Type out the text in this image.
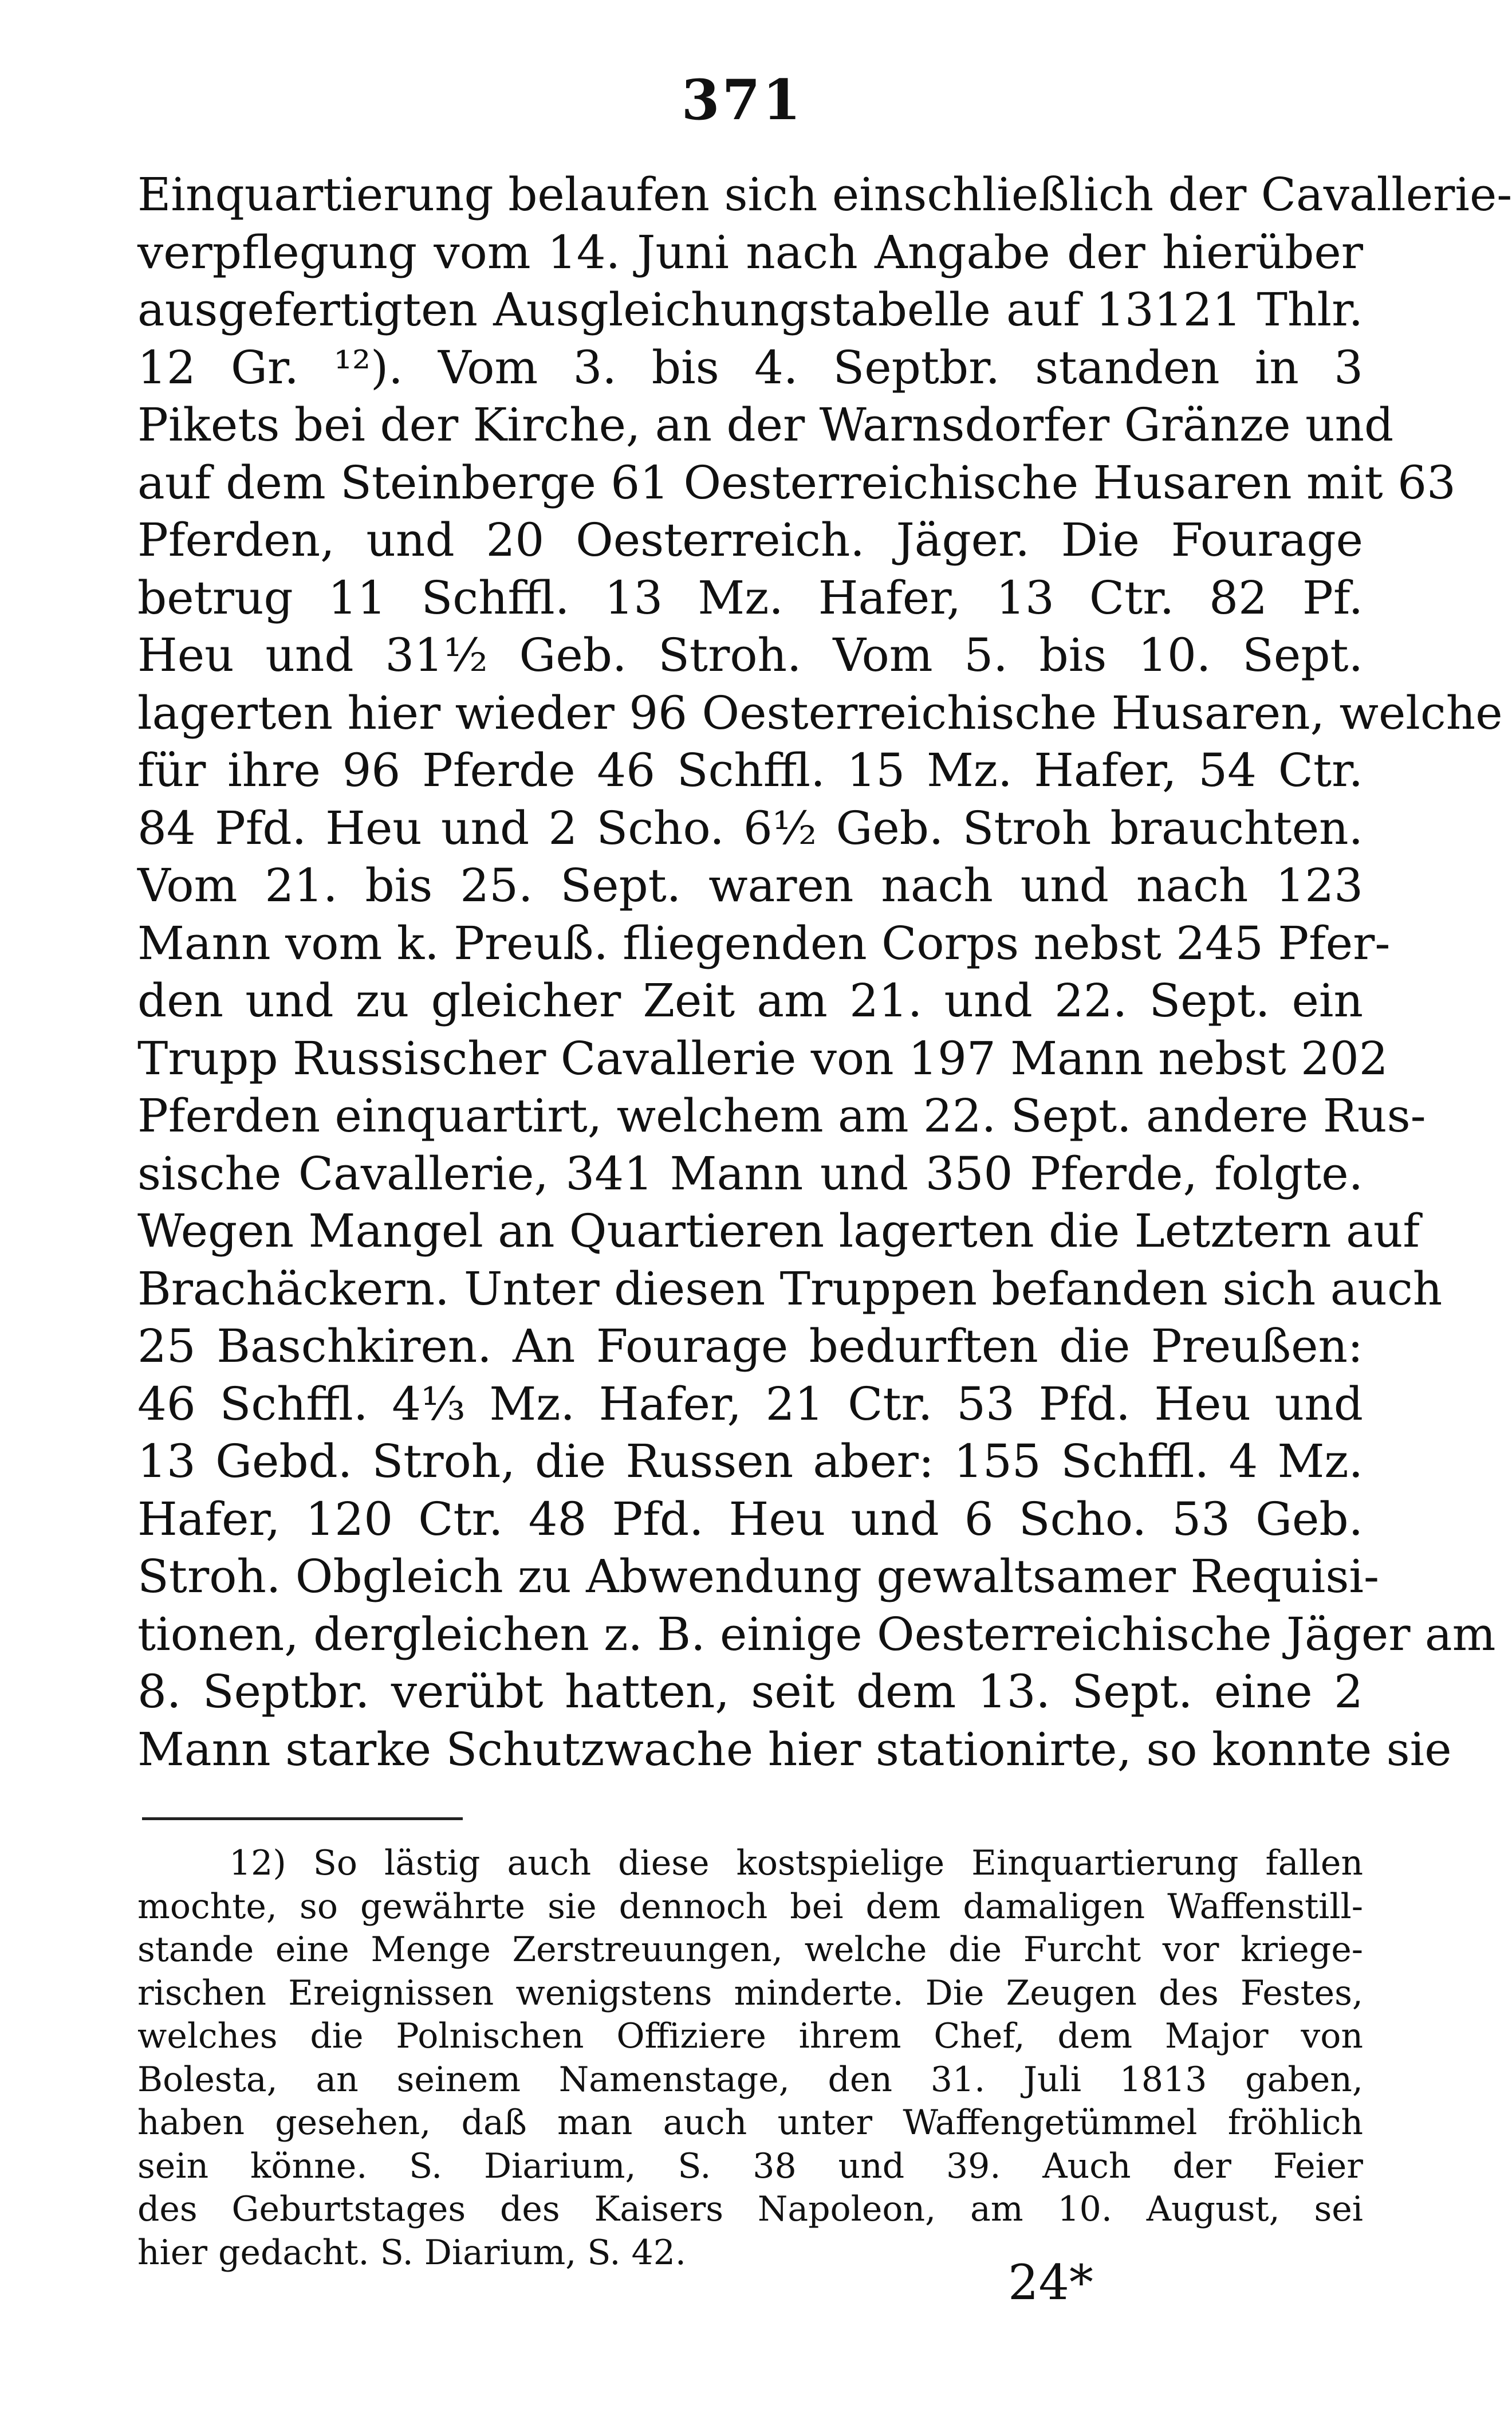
371
Einquartierung belaufen sich einschließlich der Cavallerie-
verpflegung vom 14. Juni nach Angabe der hierüber
ausgefertigten Ausgleichungstabelle auf 13121 Thlr.
12 Gr. ¹²). Vom 3. bis 4. Septbr. standen in 3
Pikets bei der Kirche, an der Warnsdorfer Gränze und
auf dem Steinberge 61 Oesterreichische Husaren mit 63
Pferden, und 20 Oesterreich. Jäger. Die Fourage
betrug 11 Schffl. 13 Mz. Hafer, 13 Ctr. 82 Pf.
Heu und 31½ Geb. Stroh. Vom 5. bis 10. Sept.
lagerten hier wieder 96 Oesterreichische Husaren, welche
für ihre 96 Pferde 46 Schffl. 15 Mz. Hafer, 54 Ctr.
84 Pfd. Heu und 2 Scho. 6½ Geb. Stroh brauchten.
Vom 21. bis 25. Sept. waren nach und nach 123
Mann vom k. Preuß. fliegenden Corps nebst 245 Pfer-
den und zu gleicher Zeit am 21. und 22. Sept. ein
Trupp Russischer Cavallerie von 197 Mann nebst 202
Pferden einquartirt, welchem am 22. Sept. andere Rus-
sische Cavallerie, 341 Mann und 350 Pferde, folgte.
Wegen Mangel an Quartieren lagerten die Letztern auf
Brachäckern. Unter diesen Truppen befanden sich auch
25 Baschkiren. An Fourage bedurften die Preußen:
46 Schffl. 4⅓ Mz. Hafer, 21 Ctr. 53 Pfd. Heu und
13 Gebd. Stroh, die Russen aber: 155 Schffl. 4 Mz.
Hafer, 120 Ctr. 48 Pfd. Heu und 6 Scho. 53 Geb.
Stroh. Obgleich zu Abwendung gewaltsamer Requisi-
tionen, dergleichen z. B. einige Oesterreichische Jäger am
8. Septbr. verübt hatten, seit dem 13. Sept. eine 2
Mann starke Schutzwache hier stationirte, so konnte sie
12) So lästig auch diese kostspielige Einquartierung fallen
mochte, so gewährte sie dennoch bei dem damaligen Waffenstill-
stande eine Menge Zerstreuungen, welche die Furcht vor kriege-
rischen Ereignissen wenigstens minderte. Die Zeugen des Festes,
welches die Polnischen Offiziere ihrem Chef, dem Major von
Bolesta, an seinem Namenstage, den 31. Juli 1813 gaben,
haben gesehen, daß man auch unter Waffengetümmel fröhlich
sein könne. S. Diarium, S. 38 und 39. Auch der Feier
des Geburtstages des Kaisers Napoleon, am 10. August, sei
hier gedacht. S. Diarium, S. 42.
24*
